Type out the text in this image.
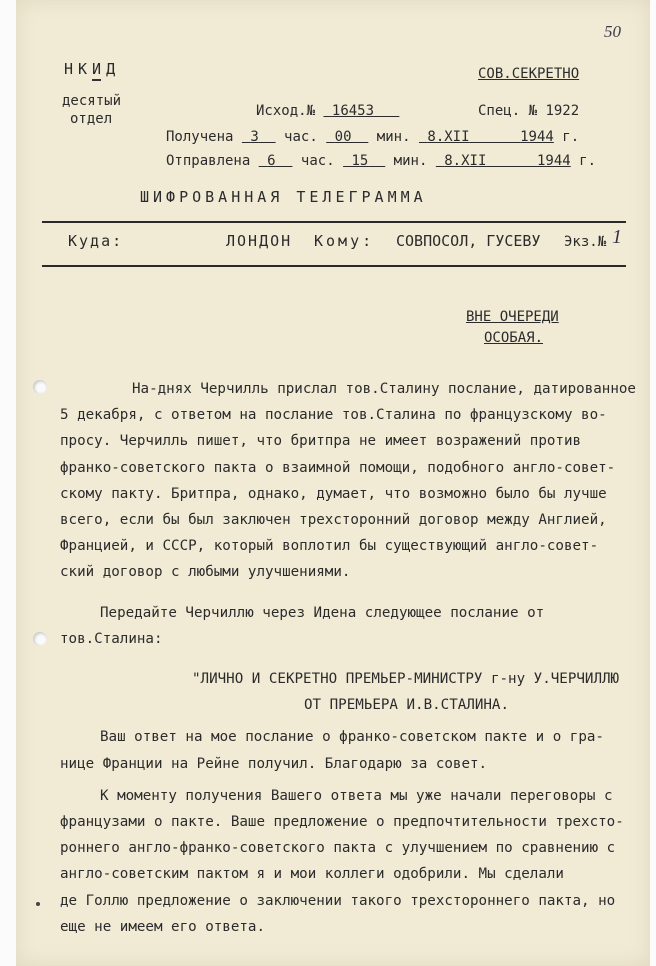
50
НКИД
десятый
отдел
СОВ.СЕКРЕТНО
Исход.№ 16453	Спец. № 1922
Получена 3 час. 00 мин. 8.XII	1944 г.
Отправлена 6 час. 15 мин. 8.XII	1944 г.
ШИФРОВАННАЯ ТЕЛЕГРАММА
Куда:	ЛОНДОН Кому: СОВПОСОЛ, ГУСЕВУ Экз.№ 1
ВНЕ ОЧЕРЕДИ
ОСОБАЯ.
На-днях Черчилль прислал тов.Сталину послание, датированное
5 декабря, с ответом на послание тов.Сталина по французскому во-
просу. Черчилль пишет, что бритпра не имеет возражений против
франко-советского пакта о взаимной помощи, подобного англо-совет-
скому пакту. Бритпра, однако, думает, что возможно было бы лучше
всего, если бы был заключен трехсторонний договор между Англией,
Францией, и СССР, который воплотил бы существующий англо-совет-
ский договор с любыми улучшениями.
Передайте Черчиллю через Идена следующее послание от
тов.Сталина:
"ЛИЧНО И СЕКРЕТНО ПРЕМЬЕР-МИНИСТРУ г-ну У.ЧЕРЧИЛЛЮ
ОТ ПРЕМЬЕРА И.В.СТАЛИНА.
Ваш ответ на мое послание о франко-советском пакте и о гра-
нице Франции на Рейне получил. Благодарю за совет.
К моменту получения Вашего ответа мы уже начали переговоры с
французами о пакте. Ваше предложение о предпочтительности трехсто-
роннего англо-франко-советского пакта с улучшением по сравнению с
англо-советским пактом я и мои коллеги одобрили. Мы сделали
де Голлю предложение о заключении такого трехстороннего пакта, но
еще не имеем его ответа.
